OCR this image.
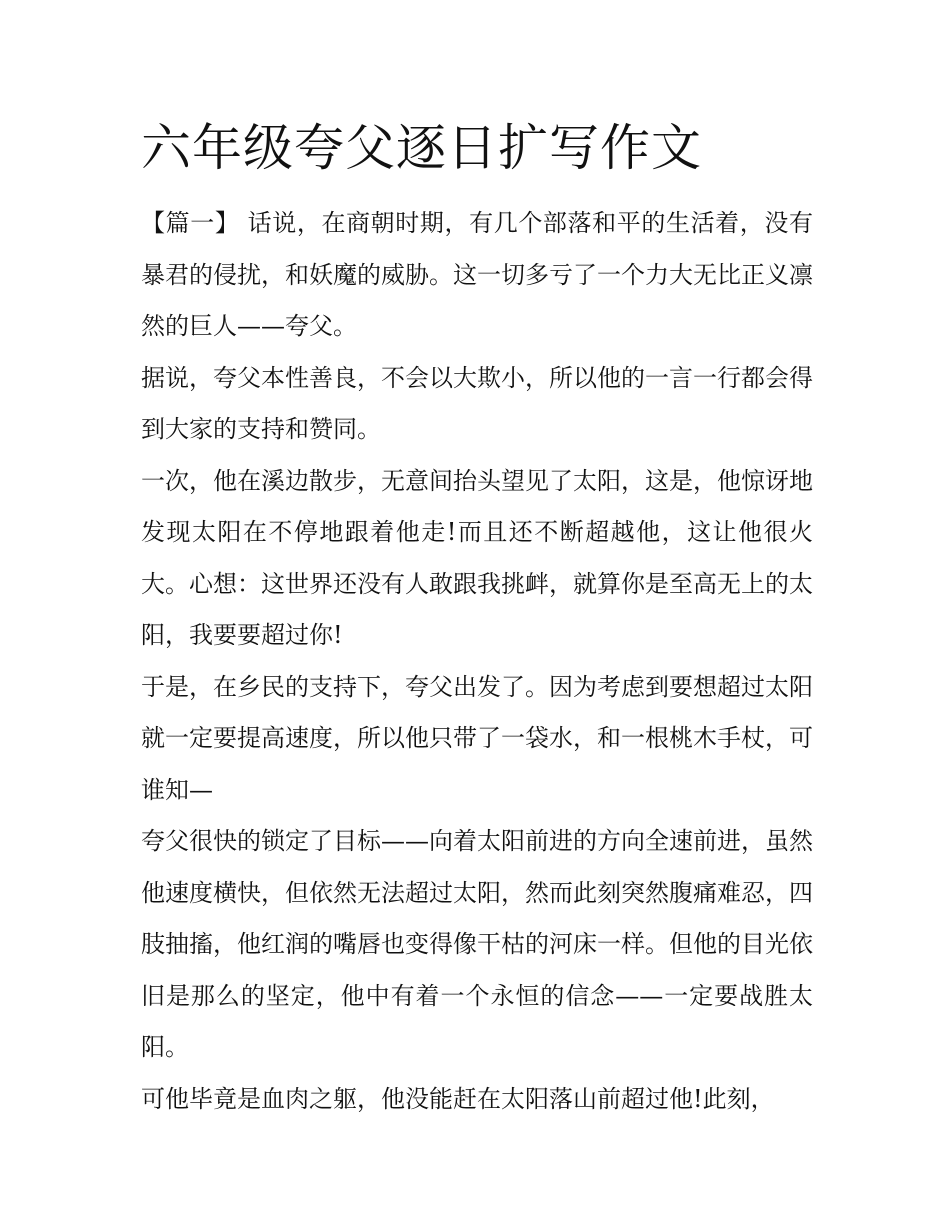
六年级夸父逐日扩写作文

【篇一】 话说，在商朝时期，有几个部落和平的生活着，没有暴君的侵扰，和妖魔的威胁。这一切多亏了一个力大无比正义凛然的巨人——夸父。

据说，夸父本性善良，不会以大欺小，所以他的一言一行都会得到大家的支持和赞同。

一次，他在溪边散步，无意间抬头望见了太阳，这是，他惊讶地发现太阳在不停地跟着他走!而且还不断超越他，这让他很火大。心想：这世界还没有人敢跟我挑衅，就算你是至高无上的太阳，我要要超过你!

于是，在乡民的支持下，夸父出发了。因为考虑到要想超过太阳就一定要提高速度，所以他只带了一袋水，和一根桃木手杖，可谁知—

夸父很快的锁定了目标——向着太阳前进的方向全速前进，虽然他速度横快，但依然无法超过太阳，然而此刻突然腹痛难忍，四肢抽搐，他红润的嘴唇也变得像干枯的河床一样。但他的目光依旧是那么的坚定，他中有着一个永恒的信念——一定要战胜太阳。

可他毕竟是血肉之躯，他没能赶在太阳落山前超过他!此刻，
